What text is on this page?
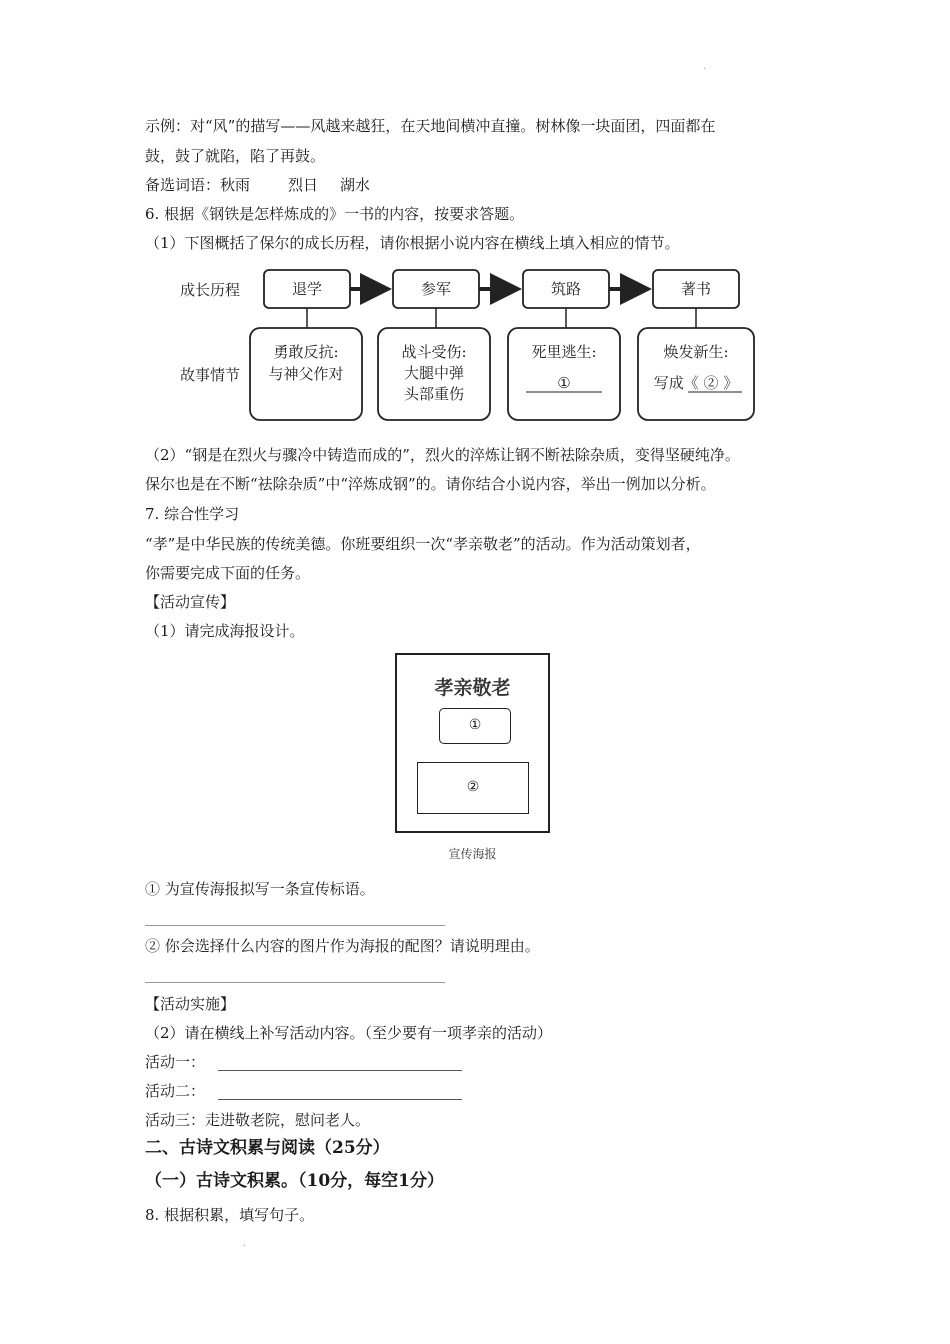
.
示例：对“风”的描写——风越来越狂，在天地间横冲直撞。树林像一块面团，四面都在
鼓，鼓了就陷，陷了再鼓。
备选词语：秋雨	烈日 湖水
6. 根据《钢铁是怎样炼成的》一书的内容，按要求答题。
（1）下图概括了保尔的成长历程，请你根据小说内容在横线上填入相应的情节。
成长历程
故事情节
退学	参军	筑路	著书
勇敢反抗:
与神父作对
战斗受伤:
大腿中弹
头部重伤
死里逃生:
①
焕发新生:
写成《 ② 》
（2）“钢是在烈火与骤冷中铸造而成的”，烈火的淬炼让钢不断祛除杂质，变得坚硬纯净。
保尔也是在不断“祛除杂质”中“淬炼成钢”的。请你结合小说内容，举出一例加以分析。
7. 综合性学习
“孝”是中华民族的传统美德。你班要组织一次“孝亲敬老”的活动。作为活动策划者，
你需要完成下面的任务。
【活动宣传】
（1）请完成海报设计。
孝亲敬老
①
②
宣传海报
① 为宣传海报拟写一条宣传标语。
② 你会选择什么内容的图片作为海报的配图？请说明理由。
【活动实施】
（2）请在横线上补写活动内容。（至少要有一项孝亲的活动）
活动一：
活动二：
活动三：走进敬老院，慰问老人。
二、古诗文积累与阅读（25分）
（一）古诗文积累。（10分，每空1分）
8. 根据积累，填写句子。
.
